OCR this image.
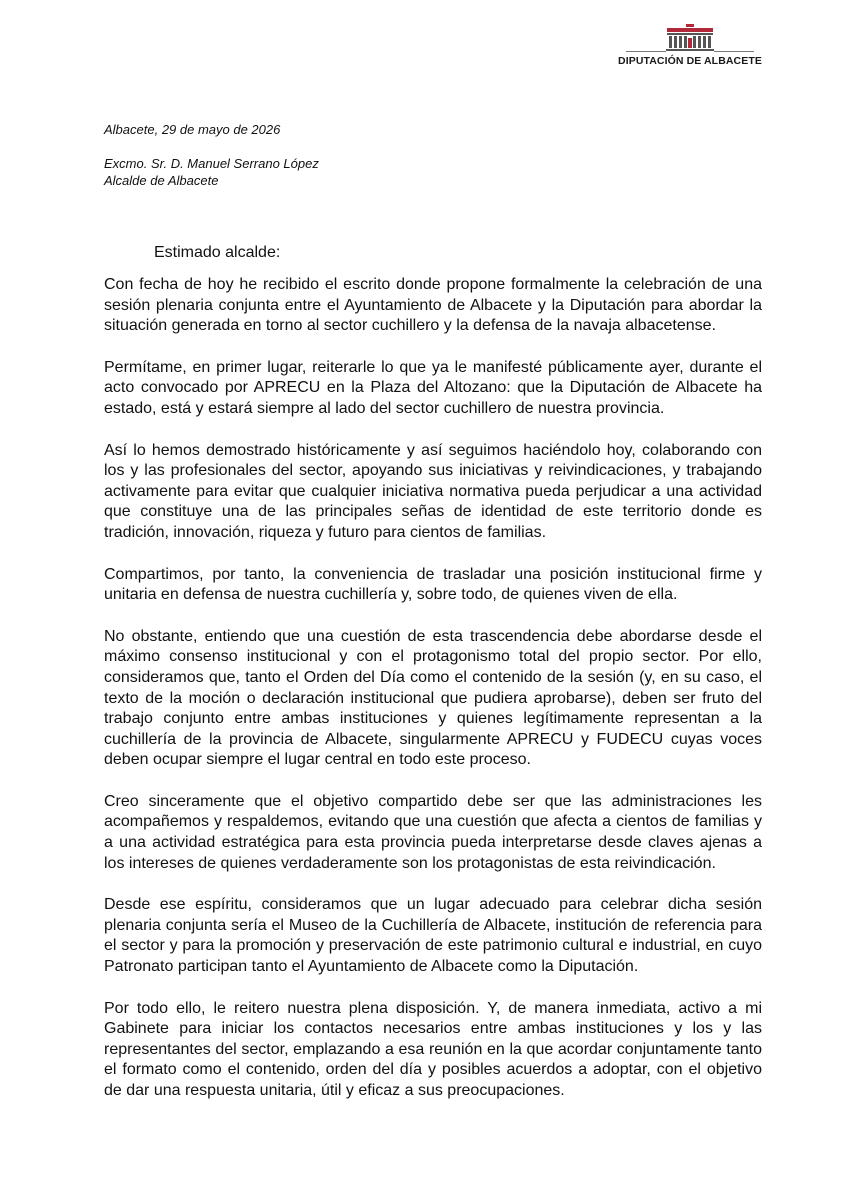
DIPUTACIÓN DE ALBACETE
Albacete, 29 de mayo de 2026
Excmo. Sr. D. Manuel Serrano López
Alcalde de Albacete
Estimado alcalde:

Con fecha de hoy he recibido el escrito donde propone formalmente la celebración de una sesión plenaria conjunta entre el Ayuntamiento de Albacete y la Diputación para abordar la situación generada en torno al sector cuchillero y la defensa de la navaja albacetense.

Permítame, en primer lugar, reiterarle lo que ya le manifesté públicamente ayer, durante el acto convocado por APRECU en la Plaza del Altozano: que la Diputación de Albacete ha estado, está y estará siempre al lado del sector cuchillero de nuestra provincia.

Así lo hemos demostrado históricamente y así seguimos haciéndolo hoy, colaborando con los y las profesionales del sector, apoyando sus iniciativas y reivindicaciones, y trabajando activamente para evitar que cualquier iniciativa normativa pueda perjudicar a una actividad que constituye una de las principales señas de identidad de este territorio donde es tradición, innovación, riqueza y futuro para cientos de familias.

Compartimos, por tanto, la conveniencia de trasladar una posición institucional firme y unitaria en defensa de nuestra cuchillería y, sobre todo, de quienes viven de ella.

No obstante, entiendo que una cuestión de esta trascendencia debe abordarse desde el máximo consenso institucional y con el protagonismo total del propio sector. Por ello, consideramos que, tanto el Orden del Día como el contenido de la sesión (y, en su caso, el texto de la moción o declaración institucional que pudiera aprobarse), deben ser fruto del trabajo conjunto entre ambas instituciones y quienes legítimamente representan a la cuchillería de la provincia de Albacete, singularmente APRECU y FUDECU cuyas voces deben ocupar siempre el lugar central en todo este proceso.

Creo sinceramente que el objetivo compartido debe ser que las administraciones les acompañemos y respaldemos, evitando que una cuestión que afecta a cientos de familias y a una actividad estratégica para esta provincia pueda interpretarse desde claves ajenas a los intereses de quienes verdaderamente son los protagonistas de esta reivindicación.

Desde ese espíritu, consideramos que un lugar adecuado para celebrar dicha sesión plenaria conjunta sería el Museo de la Cuchillería de Albacete, institución de referencia para el sector y para la promoción y preservación de este patrimonio cultural e industrial, en cuyo Patronato participan tanto el Ayuntamiento de Albacete como la Diputación.

Por todo ello, le reitero nuestra plena disposición. Y, de manera inmediata, activo a mi Gabinete para iniciar los contactos necesarios entre ambas instituciones y los y las representantes del sector, emplazando a esa reunión en la que acordar conjuntamente tanto el formato como el contenido, orden del día y posibles acuerdos a adoptar, con el objetivo de dar una respuesta unitaria, útil y eficaz a sus preocupaciones.
